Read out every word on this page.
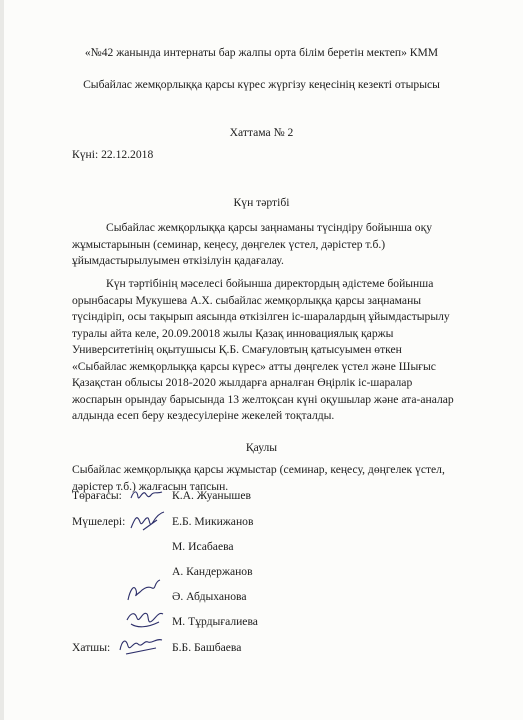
«№42 жанында интернаты бар жалпы орта білім беретін мектеп» КММ
Сыбайлас жемқорлыққа қарсы күрес жүргізу кеңесінің кезекті отырысы
Хаттама № 2
Күні: 22.12.2018
Күн тәртібі
Сыбайлас жемқорлыққа қарсы заңнаманы түсіндіру бойынша оқу
жұмыстарынын (семинар, кеңесу, дөңгелек үстел, дәрістер т.б.)
ұйымдастырылуымен өткізілуін қадағалау.
Күн тәртібінің мәселесі бойынша директордың әдістеме бойынша
орынбасары Мукушева А.Х. сыбайлас жемқорлыққа қарсы заңнаманы
түсіндіріп, осы тақырып аясында өткізілген іс-шаралардың ұйымдастырылу
туралы айта келе, 20.09.20018 жылы Қазақ инновациялық қаржы
Университетінің оқытушысы Қ.Б. Смағуловтың қатысуымен өткен
«Сыбайлас жемқорлыққа қарсы күрес» атты дөңгелек үстел және Шығыс
Қазақстан облысы 2018-2020 жылдарға арналған Өңірлік іс-шаралар
жоспарын орындау барысында 13 желтоқсан күні оқушылар және ата-аналар
алдында есеп беру кездесуілеріне жекелей тоқталды.
Қаулы
Сыбайлас жемқорлыққа қарсы жұмыстар (семинар, кеңесу, дөңгелек үстел,
дәрістер т.б.) жалғасын тапсын.
Төрағасы:	К.А. Жуанышев
Мүшелері:	Е.Б. Микижанов
М. Исабаева
А. Кандержанов
Ә. Абдыханова
М. Тұрдығалиева
Хатшы:	Б.Б. Башбаева
